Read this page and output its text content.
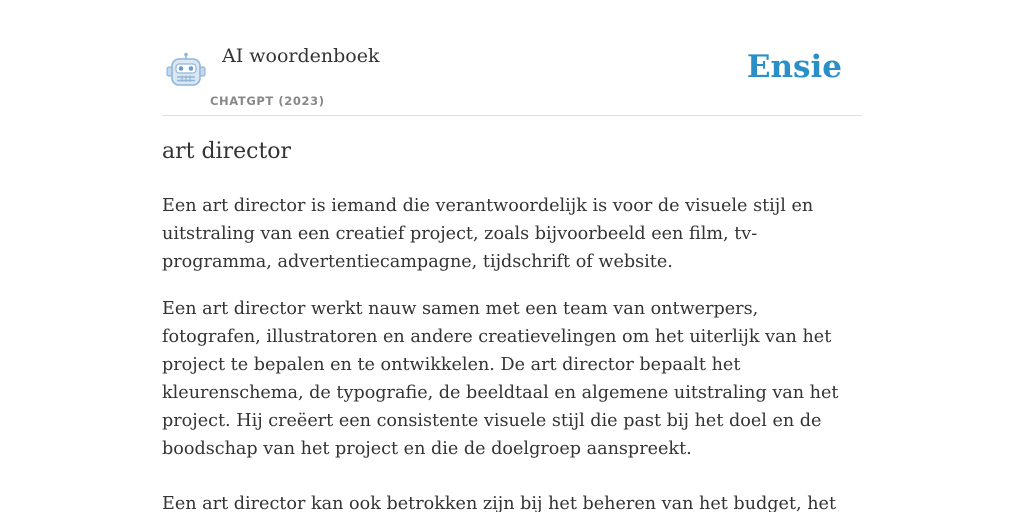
AI woordenboek
CHATGPT (2023)
Ensie
art director

Een art director is iemand die verantwoordelijk is voor de visuele stijl en uitstraling van een creatief project, zoals bijvoorbeeld een film, tv-programma, advertentiecampagne, tijdschrift of website.

Een art director werkt nauw samen met een team van ontwerpers, fotografen, illustratoren en andere creatievelingen om het uiterlijk van het project te bepalen en te ontwikkelen. De art director bepaalt het kleurenschema, de typografie, de beeldtaal en algemene uitstraling van het project. Hij creëert een consistente visuele stijl die past bij het doel en de boodschap van het project en die de doelgroep aanspreekt.

Een art director kan ook betrokken zijn bij het beheren van het budget, het
